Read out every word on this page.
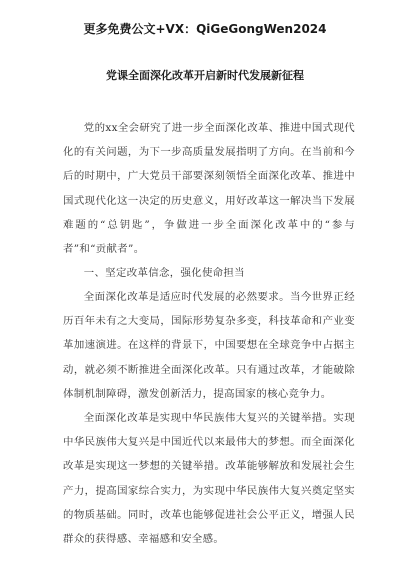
更多免费公文+VX：QiGeGongWen2024
党课全面深化改革开启新时代发展新征程

党的xx全会研究了进一步全面深化改革、推进中国式现代化的有关问题，为下一步高质量发展指明了方向。在当前和今后的时期中，广大党员干部要深刻领悟全面深化改革、推进中国式现代化这一决定的历史意义，用好改革这一解决当下发展难题的“总钥匙”，争做进一步全面深化改革中的“参与者”和“贡献者”。

一、坚定改革信念，强化使命担当

全面深化改革是适应时代发展的必然要求。当今世界正经历百年未有之大变局，国际形势复杂多变，科技革命和产业变革加速演进。在这样的背景下，中国要想在全球竞争中占据主动，就必须不断推进全面深化改革。只有通过改革，才能破除体制机制障碍，激发创新活力，提高国家的核心竞争力。

全面深化改革是实现中华民族伟大复兴的关键举措。实现中华民族伟大复兴是中国近代以来最伟大的梦想。而全面深化改革是实现这一梦想的关键举措。改革能够解放和发展社会生产力，提高国家综合实力，为实现中华民族伟大复兴奠定坚实的物质基础。同时，改革也能够促进社会公平正义，增强人民群众的获得感、幸福感和安全感。
